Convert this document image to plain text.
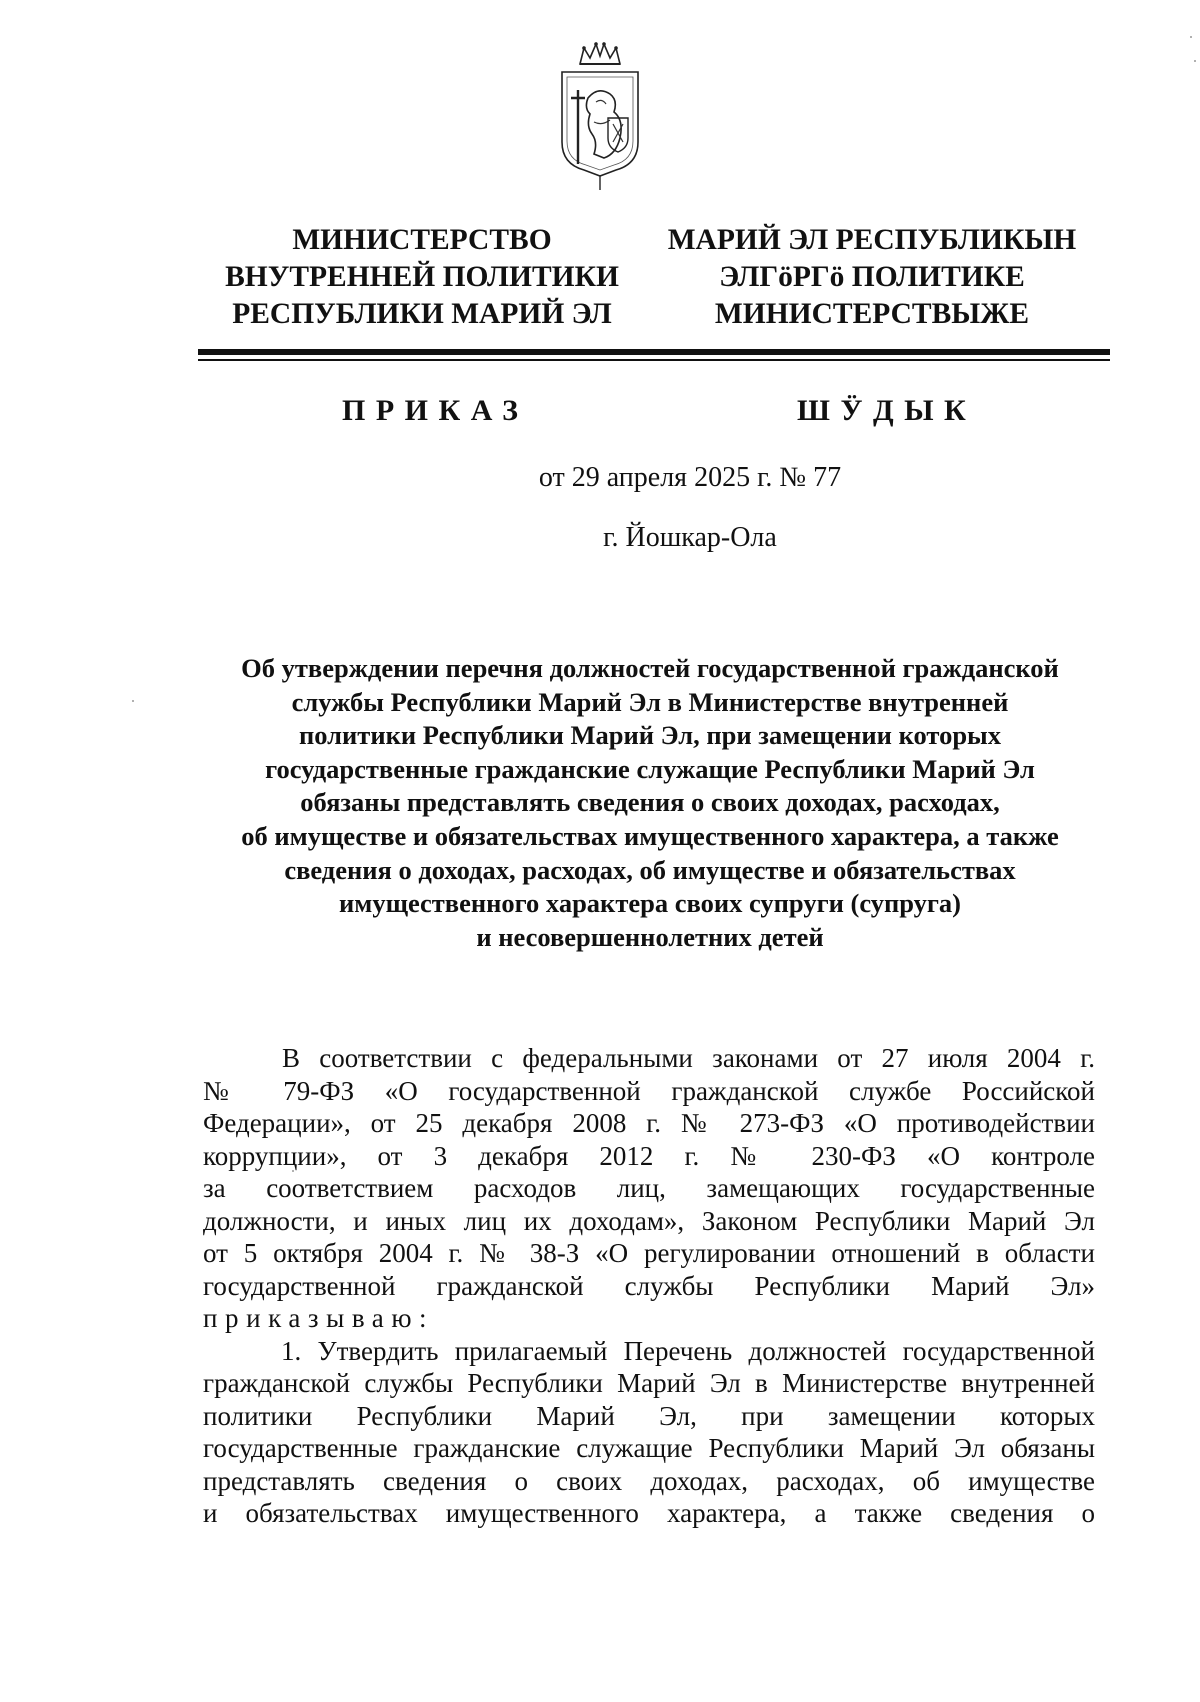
МИНИСТЕРСТВО
ВНУТРЕННЕЙ ПОЛИТИКИ
РЕСПУБЛИКИ МАРИЙ ЭЛ
МАРИЙ ЭЛ РЕСПУБЛИКЫН
ЭЛГӧРГӧ ПОЛИТИКЕ
МИНИСТЕРСТВЫЖЕ
ПРИКАЗ	ШӰДЫК
от 29 апреля 2025 г. № 77
г. Йошкар-Ола
Об утверждении перечня должностей государственной гражданской
службы Республики Марий Эл в Министерстве внутренней
политики Республики Марий Эл, при замещении которых
государственные гражданские служащие Республики Марий Эл
обязаны представлять сведения о своих доходах, расходах,
об имуществе и обязательствах имущественного характера, а также
сведения о доходах, расходах, об имуществе и обязательствах
имущественного характера своих супруги (супруга)
и несовершеннолетних детей
В соответствии с федеральными законами от 27 июля 2004 г.
№ 79-ФЗ «О государственной гражданской службе Российской
Федерации», от 25 декабря 2008 г. № 273-ФЗ «О противодействии
коррупции», от 3 декабря 2012 г. № 230-ФЗ «О контроле
за соответствием расходов лиц, замещающих государственные
должности, и иных лиц их доходам», Законом Республики Марий Эл
от 5 октября 2004 г. № 38-З «О регулировании отношений в области
государственной гражданской службы Республики Марий Эл»
приказываю:
1. Утвердить прилагаемый Перечень должностей государственной
гражданской службы Республики Марий Эл в Министерстве внутренней
политики Республики Марий Эл, при замещении которых
государственные гражданские служащие Республики Марий Эл обязаны
представлять сведения о своих доходах, расходах, об имуществе
и обязательствах имущественного характера, а также сведения о
